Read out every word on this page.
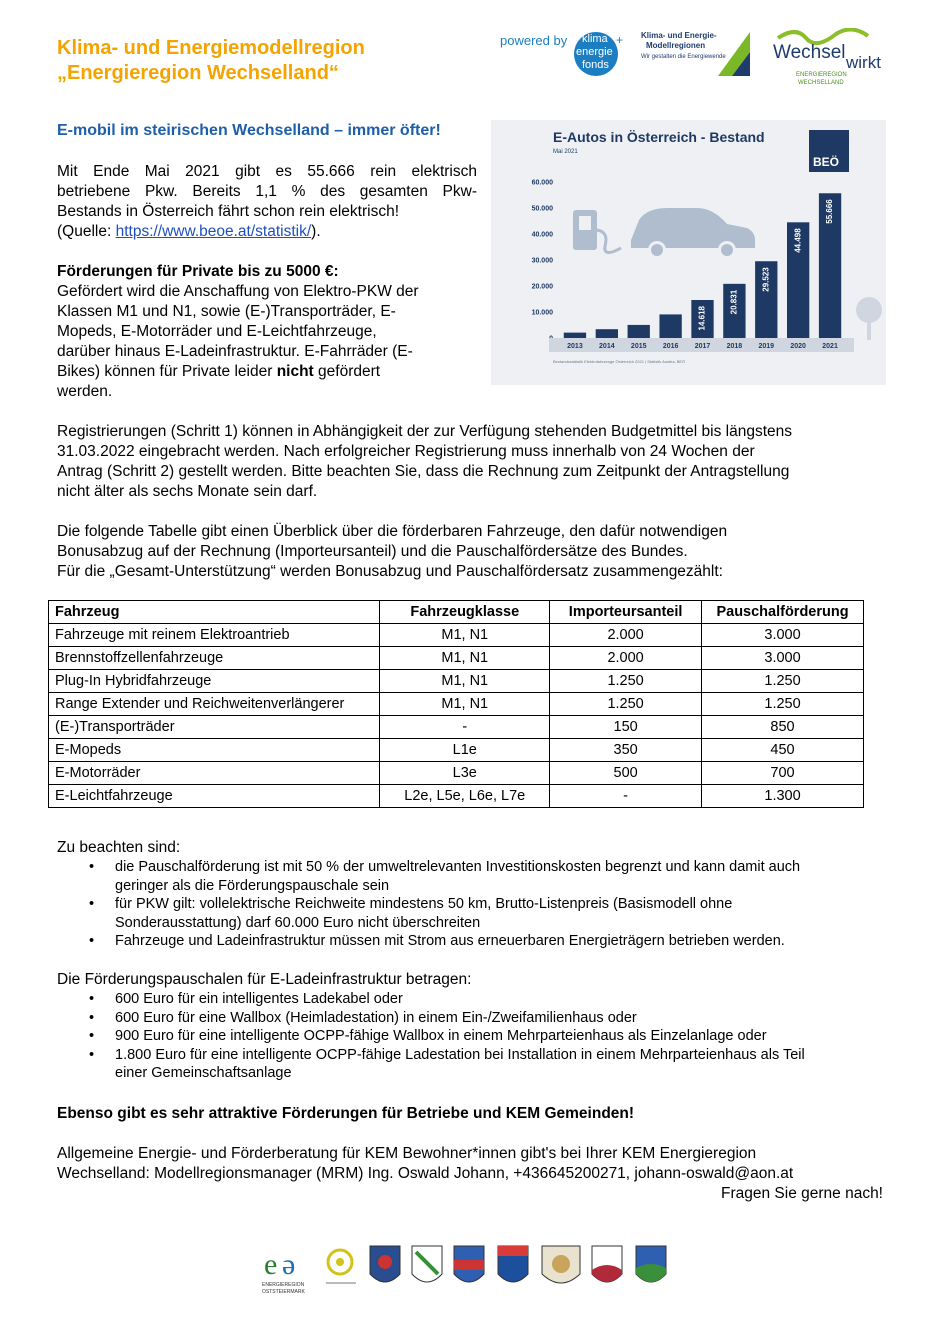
Klima- und Energiemodellregion
„Energieregion Wechselland“
powered by klima
energie
fonds
+ Klima- und Energie-
Modellregionen
Wir gestalten die Energiewende Wechsel wirkt
ENERGIEREGION
WECHSELLAND
E-mobil im steirischen Wechselland – immer öfter!
Mit Ende Mai 2021 gibt es 55.666 rein elektrisch
betriebene Pkw. Bereits 1,1 % des gesamten Pkw-
Bestands in Österreich fährt schon rein elektrisch!
(Quelle: https://www.beoe.at/statistik/).
Förderungen für Private bis zu 5000 €:
Gefördert wird die Anschaffung von Elektro-PKW der
Klassen M1 und N1, sowie (E-)Transporträder, E-
Mopeds, E-Motorräder und E-Leichtfahrzeuge,
darüber hinaus E-Ladeinfrastruktur. E-Fahrräder (E-
Bikes) können für Private leider nicht gefördert
werden.
E-Autos in Österreich - Bestand
Mai 2021
BEÖ
10.000
20.000
30.000
40.000
50.000
60.000
14.618
20.831
29.523
44.498
55.666
2013 2014 2015 2016 2017 2018 2019 2020 2021
Bestandsstatistik Elektrofahrzeuge Österreich 2021 | Statistik Austria, BEÖ
Registrierungen (Schritt 1) können in Abhängigkeit der zur Verfügung stehenden Budgetmittel bis längstens
31.03.2022 eingebracht werden. Nach erfolgreicher Registrierung muss innerhalb von 24 Wochen der
Antrag (Schritt 2) gestellt werden. Bitte beachten Sie, dass die Rechnung zum Zeitpunkt der Antragstellung
nicht älter als sechs Monate sein darf.
Die folgende Tabelle gibt einen Überblick über die förderbaren Fahrzeuge, den dafür notwendigen
Bonusabzug auf der Rechnung (Importeursanteil) und die Pauschalfördersätze des Bundes.
Für die „Gesamt-Unterstützung“ werden Bonusabzug und Pauschalfördersatz zusammengezählt:
Fahrzeug	Fahrzeugklasse	Importeursanteil	Pauschalförderung
Fahrzeuge mit reinem Elektroantrieb	M1, N1	2.000	3.000
Brennstoffzellenfahrzeuge	M1, N1	2.000	3.000
Plug-In Hybridfahrzeuge	M1, N1	1.250	1.250
Range Extender und Reichweitenverlängerer	M1, N1	1.250	1.250
(E-)Transporträder	-	150	850
E-Mopeds	L1e	350	450
E-Motorräder	L3e	500	700
E-Leichtfahrzeuge	L2e, L5e, L6e, L7e	-	1.300
Zu beachten sind:
• die Pauschalförderung ist mit 50 % der umweltrelevanten Investitionskosten begrenzt und kann damit auch
geringer als die Förderungspauschale sein
• für PKW gilt: vollelektrische Reichweite mindestens 50 km, Brutto-Listenpreis (Basismodell ohne
Sonderausstattung) darf 60.000 Euro nicht überschreiten
• Fahrzeuge und Ladeinfrastruktur müssen mit Strom aus erneuerbaren Energieträgern betrieben werden.
Die Förderungspauschalen für E-Ladeinfrastruktur betragen:
• 600 Euro für ein intelligentes Ladekabel oder
• 600 Euro für eine Wallbox (Heimladestation) in einem Ein-/Zweifamilienhaus oder
• 900 Euro für eine intelligente OCPP-fähige Wallbox in einem Mehrparteienhaus als Einzelanlage oder
• 1.800 Euro für eine intelligente OCPP-fähige Ladestation bei Installation in einem Mehrparteienhaus als Teil
einer Gemeinschaftsanlage
Ebenso gibt es sehr attraktive Förderungen für Betriebe und KEM Gemeinden!
Allgemeine Energie- und Förderberatung für KEM Bewohner*innen gibt's bei Ihrer KEM Energieregion
Wechselland: Modellregionsmanager (MRM) Ing. Oswald Johann, +436645200271, johann-oswald@aon.at
Fragen Sie gerne nach!
e ə
ENERGIEREGION
OSTSTEIERMARK
